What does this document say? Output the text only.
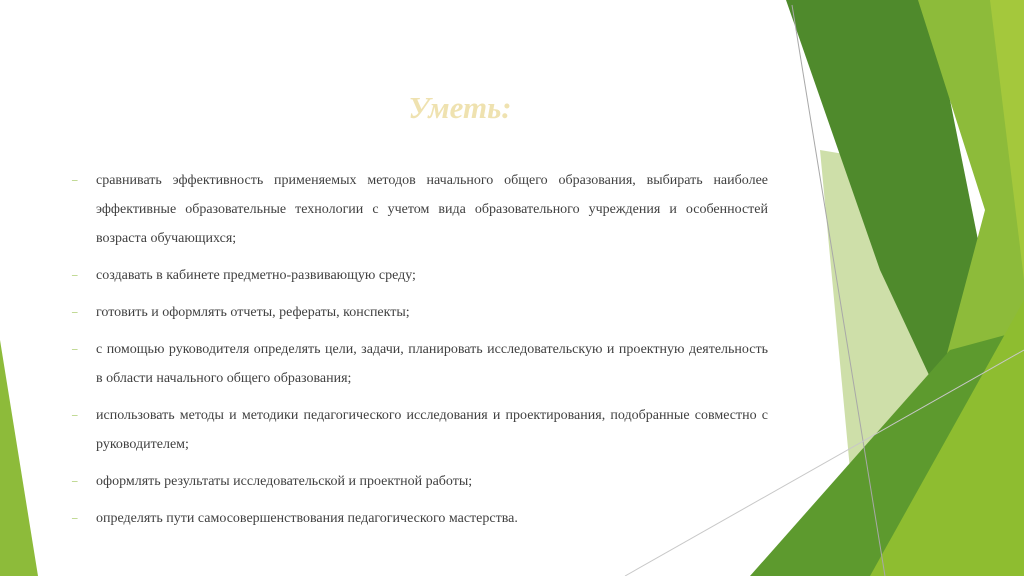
Уметь:
– сравнивать эффективность применяемых методов начального общего образования, выбирать наиболее эффективные образовательные технологии с учетом вида образовательного учреждения и особенностей возраста обучающихся;
– создавать в кабинете предметно-развивающую среду;
– готовить и оформлять отчеты, рефераты, конспекты;
– с помощью руководителя определять цели, задачи, планировать исследовательскую и проектную деятельность в области начального общего образования;
– использовать методы и методики педагогического исследования и проектирования, подобранные совместно с руководителем;
– оформлять результаты исследовательской и проектной работы;
– определять пути самосовершенствования педагогического мастерства.
